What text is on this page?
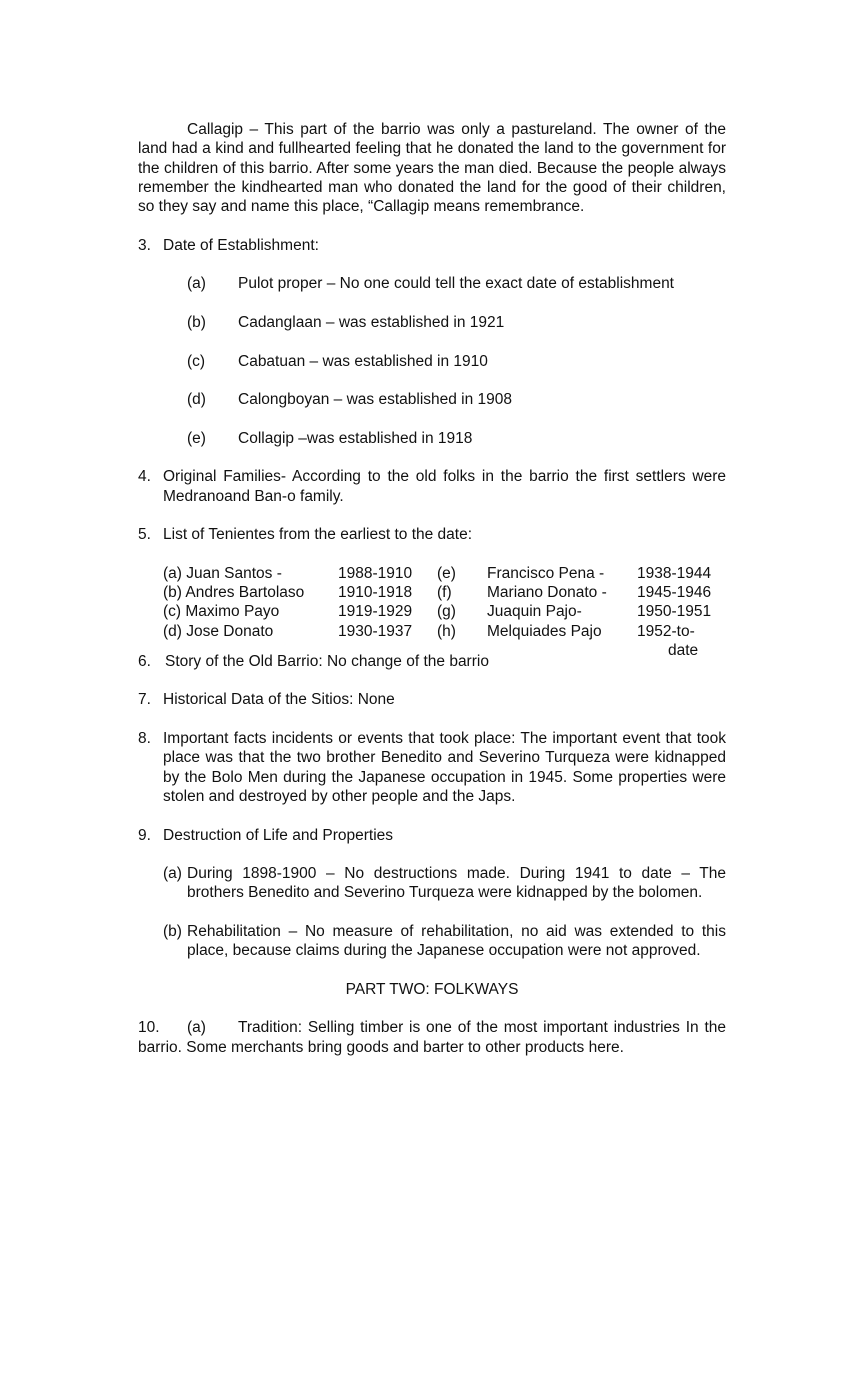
Callagip – This part of the barrio was only a pastureland. The owner of the land had a kind and fullhearted feeling that he donated the land to the government for the children of this barrio. After some years the man died. Because the people always remember the kindhearted man who donated the land for the good of their children, so they say and name this place, “Callagip means remembrance.

3. Date of Establishment:
(a)	Pulot proper – No one could tell the exact date of establishment
(b)	Cadanglaan – was established in 1921
(c)	Cabatuan – was established in 1910
(d)	Calongboyan – was established in 1908
(e)	Collagip –was established in 1918
4. Original Families- According to the old folks in the barrio the first settlers were Medranoand Ban-o family.
5. List of Tenientes from the earliest to the date:
(a) Juan Santos -	1988-1910 (e) Francisco Pena - 1938-1944
(b) Andres Bartolaso 1910-1918 (f) Mariano Donato - 1945-1946
(c) Maximo Payo	1919-1929 (g) Juaquin Pajo-	1950-1951
(d) Jose Donato	1930-1937 (h) Melquiades Pajo 1952-to-
date
6. Story of the Old Barrio: No change of the barrio
7. Historical Data of the Sitios: None
8. Important facts incidents or events that took place: The important event that took place was that the two brother Benedito and Severino Turqueza were kidnapped by the Bolo Men during the Japanese occupation in 1945. Some properties were stolen and destroyed by other people and the Japs.
9. Destruction of Life and Properties
(a) During 1898-1900 – No destructions made. During 1941 to date – The brothers Benedito and Severino Turqueza were kidnapped by the bolomen.
(b) Rehabilitation – No measure of rehabilitation, no aid was extended to this place, because claims during the Japanese occupation were not approved.

PART TWO: FOLKWAYS

10. (a) Tradition: Selling timber is one of the most important industries In the barrio. Some merchants bring goods and barter to other products here.
